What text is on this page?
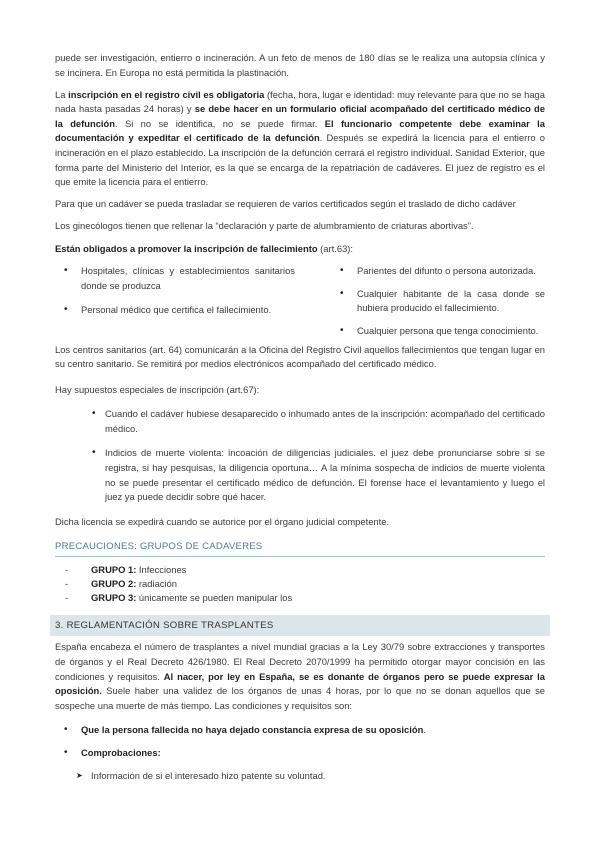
puede ser investigación, entierro o incineración. A un feto de menos de 180 días se le realiza una autopsia clínica y se incinera. En Europa no está permitida la plastinación.

La inscripción en el registro civil es obligatoria (fecha, hora, lugar e identidad: muy relevante para que no se haga nada hasta pasadas 24 horas) y se debe hacer en un formulario oficial acompañado del certificado médico de la defunción. Si no se identifica, no se puede firmar. El funcionario competente debe examinar la documentación y expeditar el certificado de la defunción. Después se expedirá la licencia para el entierro o incineración en el plazo establecido. La inscripción de la defunción cerrará el registro individual. Sanidad Exterior, que forma parte del Ministerio del Interior, es la que se encarga de la repatriación de cadáveres. El juez de registro es el que emite la licencia para el entierro.

Para que un cadáver se pueda trasladar se requieren de varios certificados según el traslado de dicho cadáver

Los ginecólogos tienen que rellenar la “declaración y parte de alumbramiento de criaturas abortivas”.

Están obligados a promover la inscripción de fallecimiento (art.63):

• Hospitales, clínicas y establecimientos sanitarios donde se produzca
• Personal médico que certifica el fallecimiento.
• Parientes del difunto o persona autorizada.
• Cualquier habitante de la casa donde se hubiera producido el fallecimiento.
• Cualquier persona que tenga conocimiento.

Los centros sanitarios (art. 64) comunicarán a la Oficina del Registro Civil aquellos fallecimientos que tengan lugar en su centro sanitario. Se remitirá por medios electrónicos acompañado del certificado médico.

Hay supuestos especiales de inscripción (art.67):

• Cuando el cadáver hubiese desaparecido o inhumado antes de la inscripción: acompañado del certificado médico.
• Indicios de muerte violenta: incoación de diligencias judiciales. el juez debe pronunciarse sobre si se registra, si hay pesquisas, la diligencia oportuna… A la mínima sospecha de indicios de muerte violenta no se puede presentar el certificado médico de defunción. El forense hace el levantamiento y luego el juez ya puede decidir sobre qué hacer.

Dicha licencia se expedirá cuando se autorice por el órgano judicial competente.

PRECAUCIONES: GRUPOS DE CADAVERES
- GRUPO 1: Infecciones
- GRUPO 2: radiación
- GRUPO 3: únicamente se pueden manipular los
3. REGLAMENTACIÓN SOBRE TRASPLANTES

España encabeza el número de trasplantes a nivel mundial gracias a la Ley 30/79 sobre extracciones y transportes de órganos y el Real Decreto 426/1980. El Real Decreto 2070/1999 ha permitido otorgar mayor concisión en las condiciones y requisitos. Al nacer, por ley en España, se es donante de órganos pero se puede expresar la oposición. Suele haber una validez de los órganos de unas 4 horas, por lo que no se donan aquellos que se sospeche una muerte de más tiempo. Las condiciones y requisitos son:

• Que la persona fallecida no haya dejado constancia expresa de su oposición.
• Comprobaciones:
➤ Información de si el interesado hizo patente su voluntad.
